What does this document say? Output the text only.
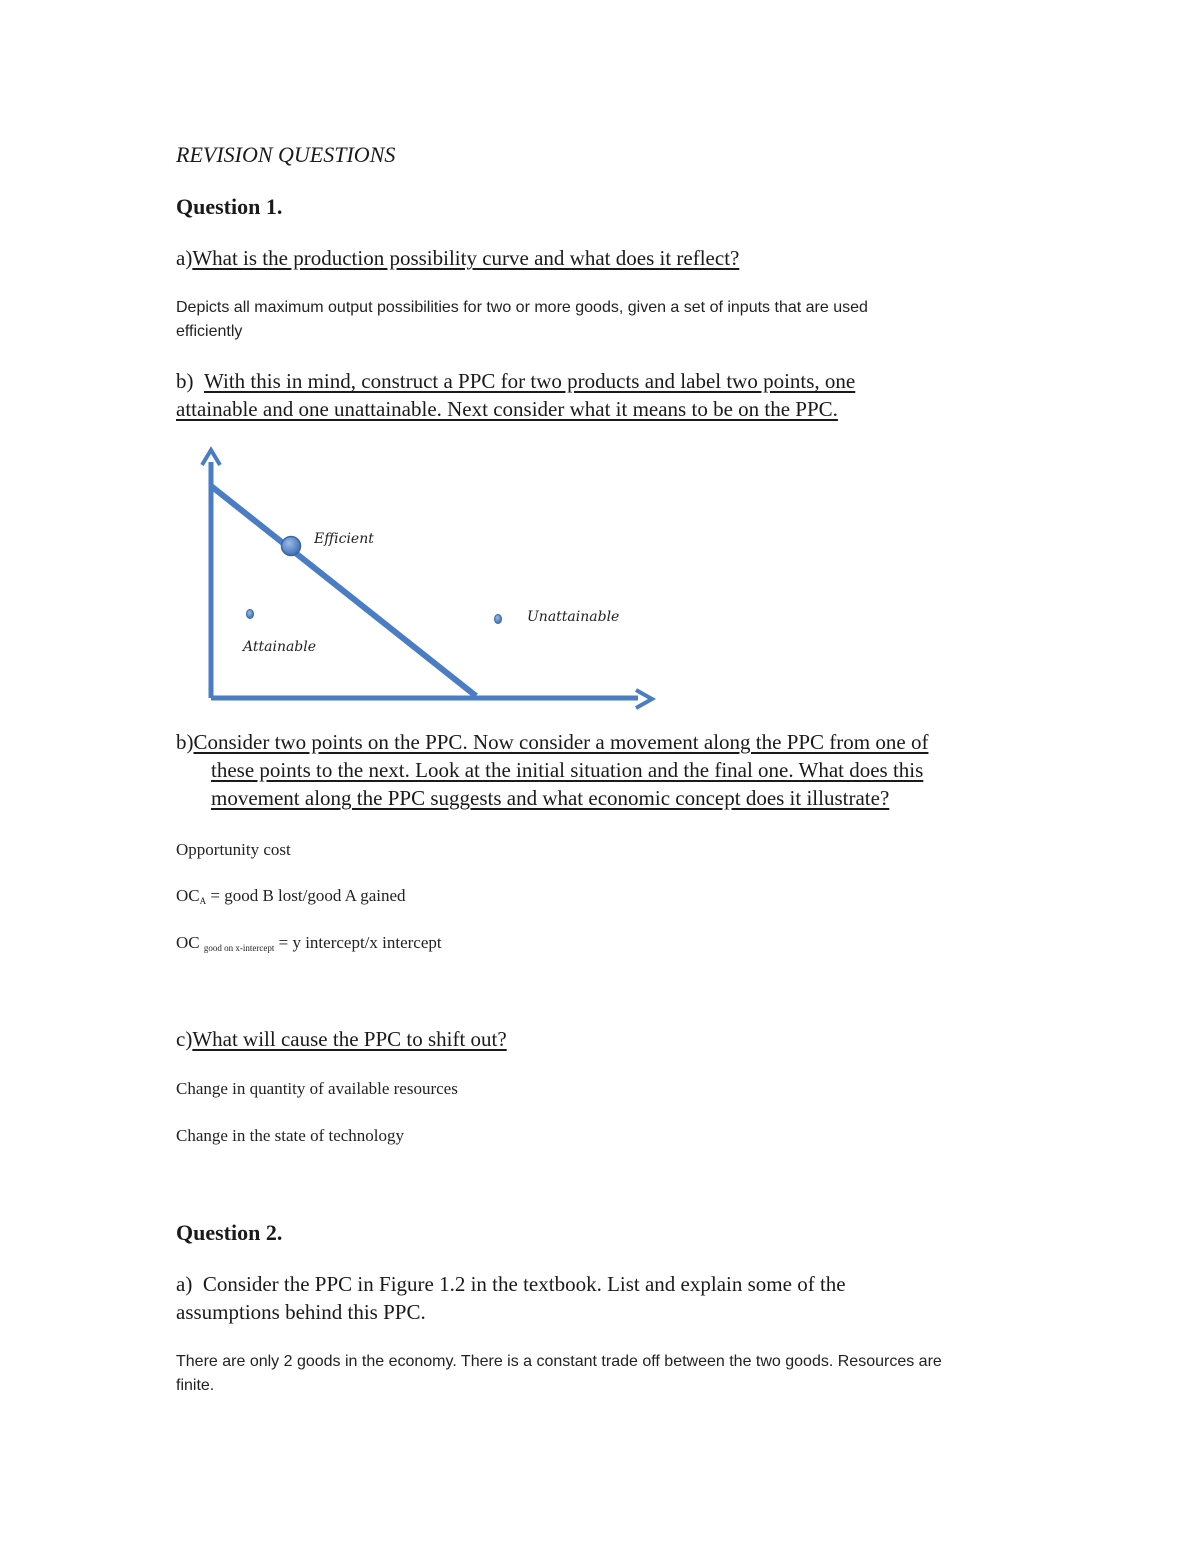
REVISION QUESTIONS
Question 1.
a)What is the production possibility curve and what does it reflect?
Depicts all maximum output possibilities for two or more goods, given a set of inputs that are used
efficiently
b) With this in mind, construct a PPC for two products and label two points, one
attainable and one unattainable. Next consider what it means to be on the PPC.
Efficient
Attainable
Unattainable
b)Consider two points on the PPC. Now consider a movement along the PPC from one of
these points to the next. Look at the initial situation and the final one. What does this
movement along the PPC suggests and what economic concept does it illustrate?
Opportunity cost
$OC_A$ = good B lost/good A gained
OC $_{good on x-intercept}$ = y intercept/x intercept
c)What will cause the PPC to shift out?
Change in quantity of available resources
Change in the state of technology
Question 2.
a) Consider the PPC in Figure 1.2 in the textbook. List and explain some of the
assumptions behind this PPC.
There are only 2 goods in the economy. There is a constant trade off between the two goods. Resources are
finite.
